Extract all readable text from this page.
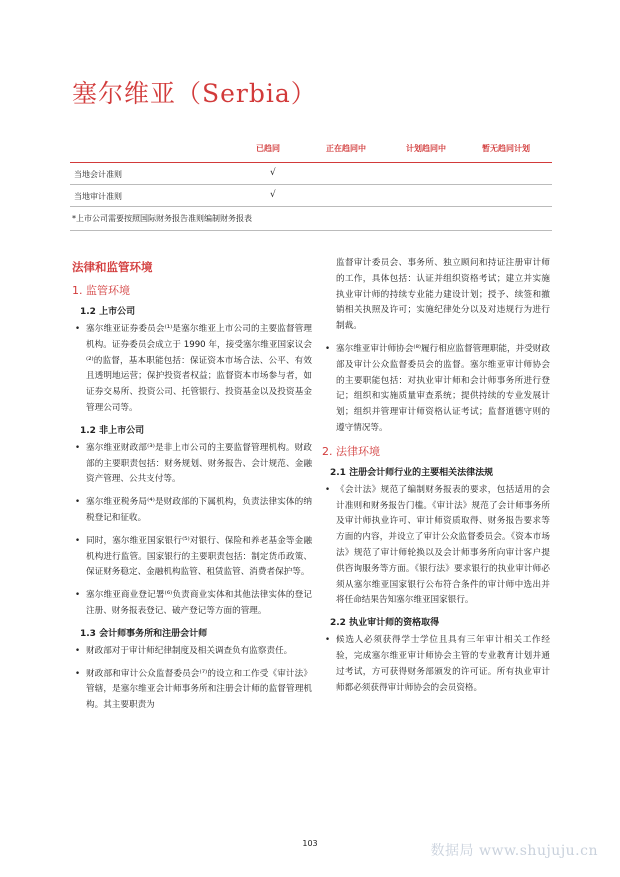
塞尔维亚（Serbia）
已趋同	正在趋同中	计划趋同中	暂无趋同计划
当地会计准则	√
当地审计准则	√
*上市公司需要按照国际财务报告准则编制财务报表
法律和监管环境
1. 监管环境
1.2 上市公司
• 塞尔维亚证券委员会⁽¹⁾是塞尔维亚上市公司的主要监督管理机构。证券委员会成立于 1990 年，接受塞尔维亚国家议会⁽²⁾的监督，基本职能包括：保证资本市场合法、公平、有效且透明地运营；保护投资者权益；监督资本市场参与者，如证券交易所、投资公司、托管银行、投资基金以及投资基金管理公司等。
1.2 非上市公司
• 塞尔维亚财政部⁽³⁾是非上市公司的主要监督管理机构。财政部的主要职责包括：财务规划、财务报告、会计规范、金融资产管理、公共支付等。
• 塞尔维亚税务局⁽⁴⁾是财政部的下属机构，负责法律实体的纳税登记和征收。
• 同时，塞尔维亚国家银行⁽⁵⁾对银行、保险和养老基金等金融机构进行监管。国家银行的主要职责包括：制定货币政策、保证财务稳定、金融机构监管、租赁监管、消费者保护等。
• 塞尔维亚商业登记署⁽⁶⁾负责商业实体和其他法律实体的登记注册、财务报表登记、破产登记等方面的管理。
1.3 会计师事务所和注册会计师
• 财政部对于审计师纪律制度及相关调查负有监察责任。
• 财政部和审计公众监督委员会⁽⁷⁾的设立和工作受《审计法》管辖，是塞尔维亚会计师事务所和注册会计师的监督管理机构。其主要职责为
监督审计委员会、事务所、独立顾问和持证注册审计师的工作，具体包括：认证并组织资格考试；建立并实施执业审计师的持续专业能力建设计划；授予、续签和撤销相关执照及许可；实施纪律处分以及对违规行为进行制裁。
• 塞尔维亚审计师协会⁽⁸⁾履行相应监督管理职能，并受财政部及审计公众监督委员会的监督。塞尔维亚审计师协会的主要职能包括：对执业审计师和会计师事务所进行登记；组织和实施质量审查系统；提供持续的专业发展计划；组织并管理审计师资格认证考试；监督道德守则的遵守情况等。
2. 法律环境
2.1 注册会计师行业的主要相关法律法规
• 《会计法》规范了编制财务报表的要求，包括适用的会计准则和财务报告门槛。《审计法》规范了会计师事务所及审计师执业许可、审计师资质取得、财务报告要求等方面的内容，并设立了审计公众监督委员会。《资本市场法》规范了审计师轮换以及会计师事务所向审计客户提供咨询服务等方面。《银行法》要求银行的执业审计师必须从塞尔维亚国家银行公布符合条件的审计师中选出并将任命结果告知塞尔维亚国家银行。
2.2 执业审计师的资格取得
• 候选人必须获得学士学位且具有三年审计相关工作经验，完成塞尔维亚审计师协会主管的专业教育计划并通过考试，方可获得财务部颁发的许可证。所有执业审计师都必须获得审计师协会的会员资格。
103	数据局 www.shujuju.cn
